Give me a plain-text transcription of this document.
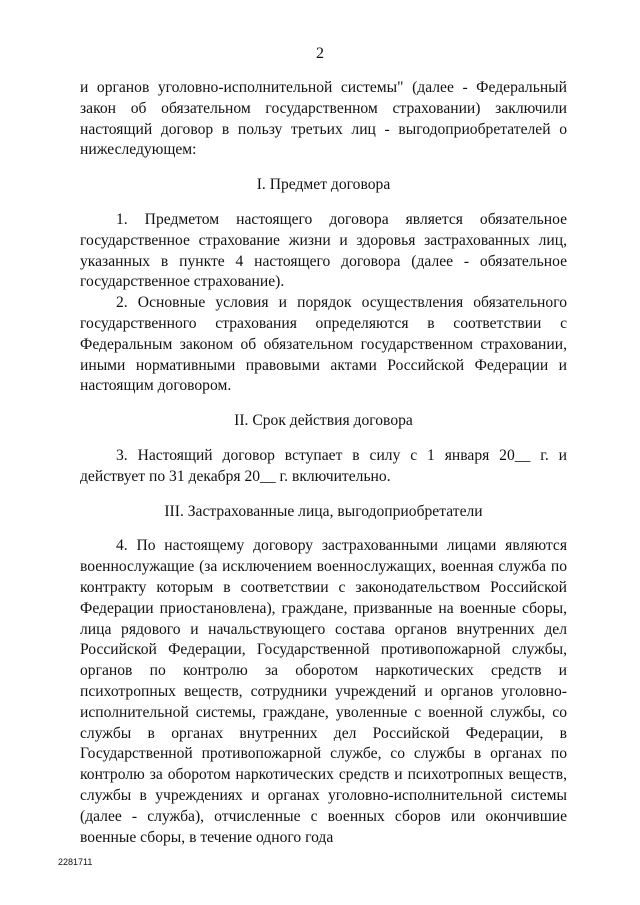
2

и органов уголовно-исполнительной системы" (далее - Федеральный закон об обязательном государственном страховании) заключили настоящий договор в пользу третьих лиц - выгодоприобретателей о нижеследующем:

I. Предмет договора

1. Предметом настоящего договора является обязательное государственное страхование жизни и здоровья застрахованных лиц, указанных в пункте 4 настоящего договора (далее - обязательное государственное страхование).

2. Основные условия и порядок осуществления обязательного государственного страхования определяются в соответствии с Федеральным законом об обязательном государственном страховании, иными нормативными правовыми актами Российской Федерации и настоящим договором.

II. Срок действия договора

3. Настоящий договор вступает в силу с 1 января 20__ г. и действует по 31 декабря 20__ г. включительно.

III. Застрахованные лица, выгодоприобретатели

4. По настоящему договору застрахованными лицами являются военнослужащие (за исключением военнослужащих, военная служба по контракту которым в соответствии с законодательством Российской Федерации приостановлена), граждане, призванные на военные сборы, лица рядового и начальствующего состава органов внутренних дел Российской Федерации, Государственной противопожарной службы, органов по контролю за оборотом наркотических средств и психотропных веществ, сотрудники учреждений и органов уголовно-исполнительной системы, граждане, уволенные с военной службы, со службы в органах внутренних дел Российской Федерации, в Государственной противопожарной службе, со службы в органах по контролю за оборотом наркотических средств и психотропных веществ, службы в учреждениях и органах уголовно-исполнительной системы (далее - служба), отчисленные с военных сборов или окончившие военные сборы, в течение одного года

2281711
